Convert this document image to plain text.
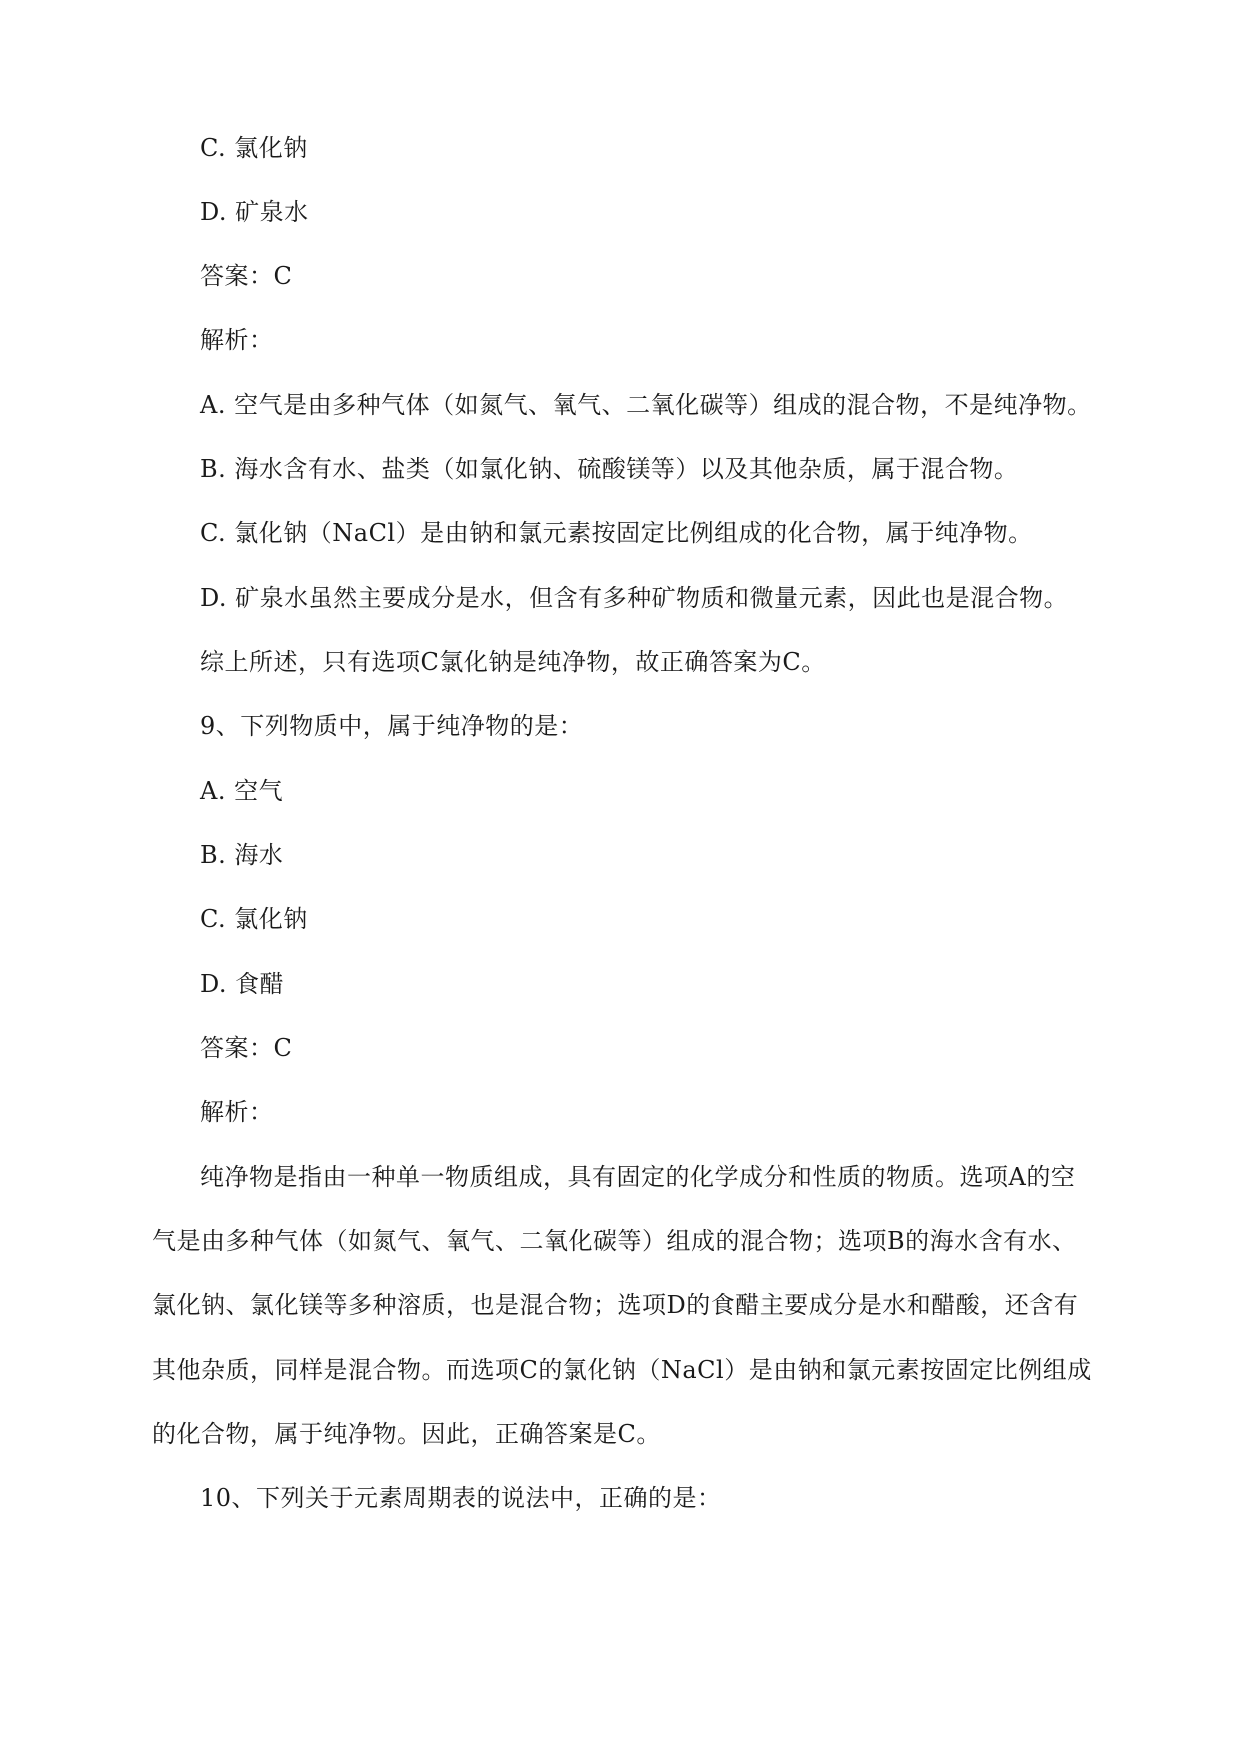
C. 氯化钠
D. 矿泉水
答案：C
解析：
A. 空气是由多种气体（如氮气、氧气、二氧化碳等）组成的混合物，不是纯净物。
B. 海水含有水、盐类（如氯化钠、硫酸镁等）以及其他杂质，属于混合物。
C. 氯化钠（NaCl）是由钠和氯元素按固定比例组成的化合物，属于纯净物。
D. 矿泉水虽然主要成分是水，但含有多种矿物质和微量元素，因此也是混合物。
综上所述，只有选项C氯化钠是纯净物，故正确答案为C。
9、下列物质中，属于纯净物的是：
A. 空气
B. 海水
C. 氯化钠
D. 食醋
答案：C
解析：
纯净物是指由一种单一物质组成，具有固定的化学成分和性质的物质。选项A的空
气是由多种气体（如氮气、氧气、二氧化碳等）组成的混合物；选项B的海水含有水、
氯化钠、氯化镁等多种溶质，也是混合物；选项D的食醋主要成分是水和醋酸，还含有
其他杂质，同样是混合物。而选项C的氯化钠（NaCl）是由钠和氯元素按固定比例组成
的化合物，属于纯净物。因此，正确答案是C。
10、下列关于元素周期表的说法中，正确的是：
